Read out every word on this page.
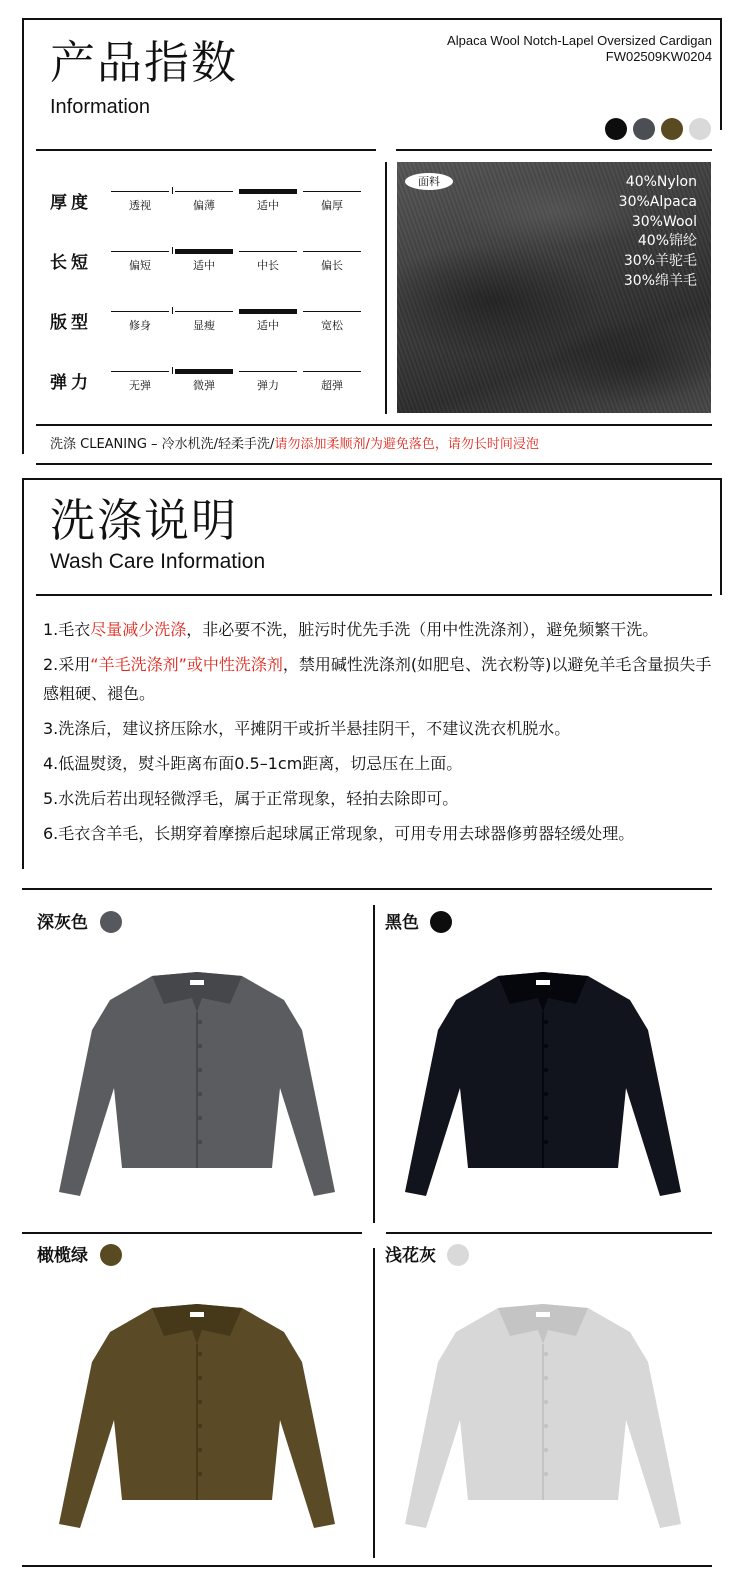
产品指数
Information
Alpaca Wool Notch-Lapel Oversized Cardigan
FW02509KW0204
厚度	透视	偏薄	适中	偏厚
长短	偏短	适中	中长	偏长
版型	修身	显瘦	适中	宽松
弹力	无弹	微弹	弹力	超弹
面料	40%Nylon
30%Alpaca
30%Wool
40%锦纶
30%羊驼毛
30%绵羊毛
洗涤 CLEANING – 冷水机洗/轻柔手洗/请勿添加柔顺剂/为避免落色，请勿长时间浸泡
洗涤说明
Wash Care Information

1.毛衣尽量减少洗涤，非必要不洗，脏污时优先手洗（用中性洗涤剂），避免频繁干洗。

2.采用“羊毛洗涤剂”或中性洗涤剂，禁用碱性洗涤剂(如肥皂、洗衣粉等)以避免羊毛含量损失手感粗硬、褪色。

3.洗涤后，建议挤压除水，平摊阴干或折半悬挂阴干，不建议洗衣机脱水。

4.低温熨烫，熨斗距离布面0.5–1cm距离，切忌压在上面。

5.水洗后若出现轻微浮毛，属于正常现象，轻拍去除即可。

6.毛衣含羊毛，长期穿着摩擦后起球属正常现象，可用专用去球器修剪器轻缓处理。

深灰色	黑色
橄榄绿	浅花灰
